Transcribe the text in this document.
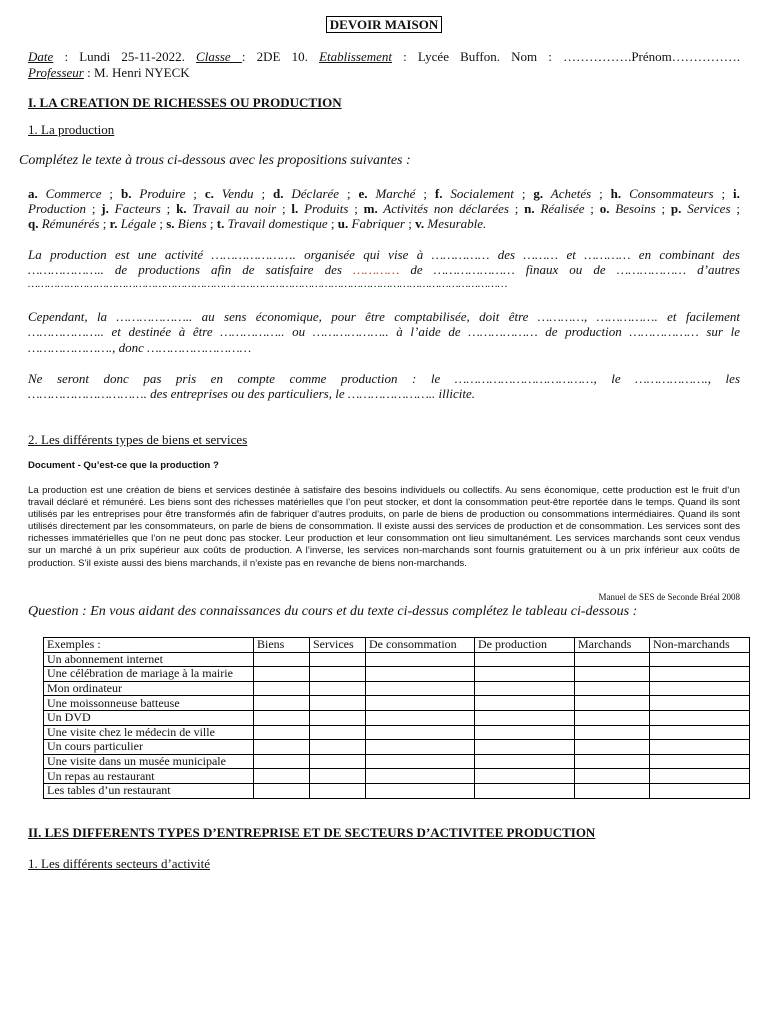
DEVOIR MAISON
Date : Lundi 25-11-2022. Classe : 2DE 10. Etablissement : Lycée Buffon. Nom : …………….Prénom…………….
Professeur : M. Henri NYECK
I. LA CREATION DE RICHESSES OU PRODUCTION
1. La production
Complétez le texte à trous ci-dessous avec les propositions suivantes :
a. Commerce ; b. Produire ; c. Vendu ; d. Déclarée ; e. Marché ; f. Socialement ; g. Achetés ; h. Consommateurs ; i.
Production ; j. Facteurs ; k. Travail au noir ; l. Produits ; m. Activités non déclarées ; n. Réalisée ; o. Besoins ; p. Services ;
q. Rémunérés ; r. Légale ; s. Biens ; t. Travail domestique ; u. Fabriquer ; v. Mesurable.
La production est une activité …………………. organisée qui vise à …………… des ……… et ………… en combinant des
……………….. de productions afin de satisfaire des ………… de ………………… finaux ou de ……………… d’autres
…………………………………………………………………………………………………………………………………
Cependant, la ……………….. au sens économique, pour être comptabilisée, doit être …………, ……………. et facilement
……………….. et destinée à être …………….. ou ……………….. à l’aide de ……………… de production ……………… sur le
…………………., donc ………………………
Ne seront donc pas pris en compte comme production : le ………………………………, le ………………., les
…………………………. des entreprises ou des particuliers, le ………………….. illicite.
2. Les différents types de biens et services
Document - Qu’est-ce que la production ?
La production est une création de biens et services destinée à satisfaire des besoins individuels ou collectifs. Au sens économique, cette production est le fruit d’un travail déclaré et rémunéré. Les biens sont des richesses matérielles que l’on peut stocker, et dont la consommation peut-être reportée dans le temps. Quand ils sont utilisés par les entreprises pour être transformés afin de fabriquer d’autres produits, on parle de biens de production ou consommations intermédiaires. Quand ils sont utilisés directement par les consommateurs, on parle de biens de consommation. Il existe aussi des services de production et de consommation. Les services sont des richesses immatérielles que l’on ne peut donc pas stocker. Leur production et leur consommation ont lieu simultanément. Les services marchands sont ceux vendus sur un marché à un prix supérieur aux coûts de production. A l’inverse, les services non-marchands sont fournis gratuitement ou à un prix inférieur aux coûts de production. S’il existe aussi des biens marchands, il n’existe pas en revanche de biens non-marchands.
Manuel de SES de Seconde Bréal 2008
Question : En vous aidant des connaissances du cours et du texte ci-dessus complétez le tableau ci-dessous :
Exemples :	Biens	Services	De consommation	De production	Marchands	Non-marchands
Un abonnement internet						
Une célébration de mariage à la mairie						
Mon ordinateur						
Une moissonneuse batteuse						
Un DVD						
Une visite chez le médecin de ville						
Un cours particulier						
Une visite dans un musée municipale						
Un repas au restaurant						
Les tables d’un restaurant						
II. LES DIFFERENTS TYPES D’ENTREPRISE ET DE SECTEURS D’ACTIVITEE PRODUCTION
1. Les différents secteurs d’activité
